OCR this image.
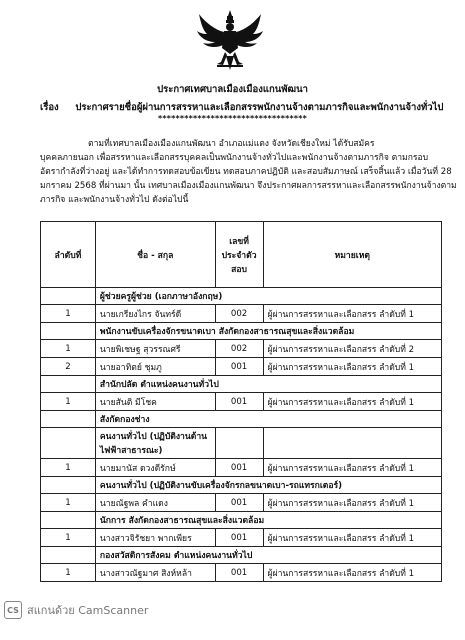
ประกาศเทศบาลเมืองเมืองแกนพัฒนา
เรื่อง ประกาศรายชื่อผู้ผ่านการสรรหาและเลือกสรรพนักงานจ้างตามภารกิจและพนักงานจ้างทั่วไป
**********************************
ตามที่เทศบาลเมืองเมืองแกนพัฒนา อำเภอแม่แตง จังหวัดเชียงใหม่ ได้รับสมัคร
บุคคลภายนอก เพื่อสรรหาและเลือกสรรบุคคลเป็นพนักงานจ้างทั่วไปและพนักงานจ้างตามภารกิจ ตามกรอบ
อัตรากำลังที่ว่างอยู่ และได้ทำการทดสอบข้อเขียน ทดสอบภาคปฏิบัติ และสอบสัมภาษณ์ เสร็จสิ้นแล้ว เมื่อวันที่ 28
มกราคม 2568 ที่ผ่านมา นั้น เทศบาลเมืองเมืองแกนพัฒนา จึงประกาศผลการสรรหาและเลือกสรรพนักงานจ้างตาม
ภารกิจ และพนักงานจ้างทั่วไป ดังต่อไปนี้
ลำดับที่	ชื่อ - สกุล	เลขที่ ประจำตัว สอบ	หมายเหตุ
	ผู้ช่วยครูผู้ช่วย (เอกภาษาอังกฤษ)		
1	นายเกรียงไกร จันทร์ดี	002	ผู้ผ่านการสรรหาและเลือกสรร ลำดับที่ 1
	พนักงานขับเครื่องจักรขนาดเบา สังกัดกองสาธารณสุขและสิ่งแวดล้อม		
1	นายพิเชษฐ สุวรรณศรี	002	ผู้ผ่านการสรรหาและเลือกสรร ลำดับที่ 2
2	นายอาทิตย์ ชุมภู	001	ผู้ผ่านการสรรหาและเลือกสรร ลำดับที่ 1
	สำนักปลัด ตำแหน่งคนงานทั่วไป		
1	นายสันติ มีโชค	001	ผู้ผ่านการสรรหาและเลือกสรร ลำดับที่ 1
	สังกัดกองช่าง		
	คนงานทั่วไป (ปฏิบัติงานด้านไฟฟ้าสาธารณะ)		
1	นายมานัส ดวงดีรักษ์	001	ผู้ผ่านการสรรหาและเลือกสรร ลำดับที่ 1
	คนงานทั่วไป (ปฏิบัติงานขับเครื่องจักรกลขนาดเบา-รถแทรกเตอร์)		
1	นายณัฐพล คำแดง	001	ผู้ผ่านการสรรหาและเลือกสรร ลำดับที่ 1
	นักการ สังกัดกองสาธารณสุขและสิ่งแวดล้อม		
1	นางสาวจิรัชยา พากเพียร	001	ผู้ผ่านการสรรหาและเลือกสรร ลำดับที่ 1
	กองสวัสดิการสังคม ตำแหน่งคนงานทั่วไป		
1	นางสาวณัฐมาศ สิงห์หล้า	001	ผู้ผ่านการสรรหาและเลือกสรร ลำดับที่ 1
CS สแกนด้วย CamScanner
